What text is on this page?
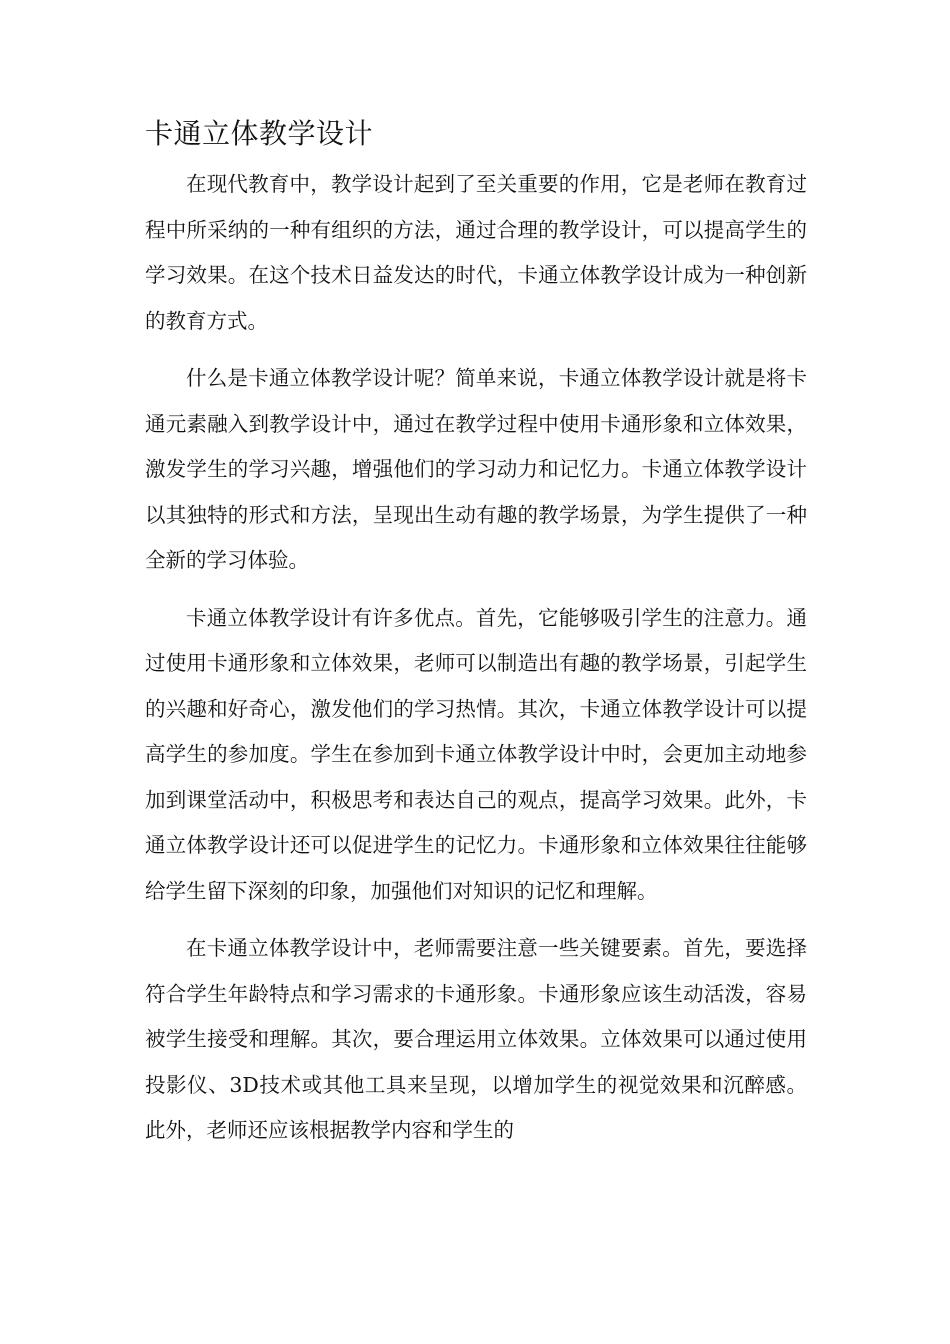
卡通立体教学设计

在现代教育中，教学设计起到了至关重要的作用，它是老师在教育过程中所采纳的一种有组织的方法，通过合理的教学设计，可以提高学生的学习效果。在这个技术日益发达的时代，卡通立体教学设计成为一种创新的教育方式。

什么是卡通立体教学设计呢？简单来说，卡通立体教学设计就是将卡通元素融入到教学设计中，通过在教学过程中使用卡通形象和立体效果，激发学生的学习兴趣，增强他们的学习动力和记忆力。卡通立体教学设计以其独特的形式和方法，呈现出生动有趣的教学场景，为学生提供了一种全新的学习体验。

卡通立体教学设计有许多优点。首先，它能够吸引学生的注意力。通过使用卡通形象和立体效果，老师可以制造出有趣的教学场景，引起学生的兴趣和好奇心，激发他们的学习热情。其次，卡通立体教学设计可以提高学生的参加度。学生在参加到卡通立体教学设计中时，会更加主动地参加到课堂活动中，积极思考和表达自己的观点，提高学习效果。此外，卡通立体教学设计还可以促进学生的记忆力。卡通形象和立体效果往往能够给学生留下深刻的印象，加强他们对知识的记忆和理解。

在卡通立体教学设计中，老师需要注意一些关键要素。首先，要选择符合学生年龄特点和学习需求的卡通形象。卡通形象应该生动活泼，容易被学生接受和理解。其次，要合理运用立体效果。立体效果可以通过使用投影仪、3D技术或其他工具来呈现，以增加学生的视觉效果和沉醉感。此外，老师还应该根据教学内容和学生的
